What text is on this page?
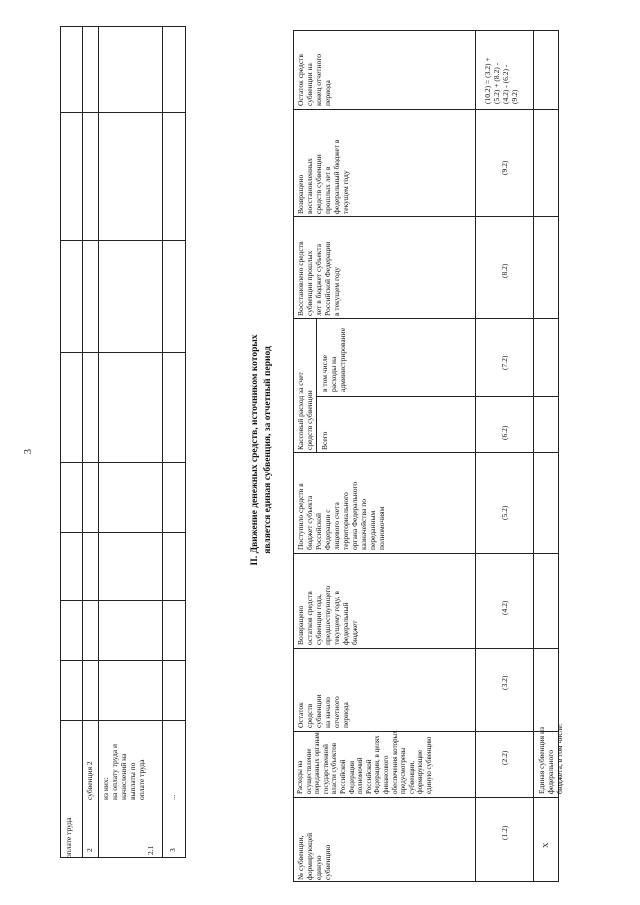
3
оплате труда 2
субвенция 2
2.1
из них:
на оплату труда и
начислений на
выплаты по
оплате труда
3
...
II. Движение денежных средств, источником которых является единая субвенция, за отчетный период
№ субвенции,
формирующей
единую
субвенцию
Расходы на
осуществление
переданных органам
государственной
власти субъектов
Российской
Федерации
полномочий
Российской
Федерации, в целях
финансового
обеспечения которых
предусмотрены
субвенции,
формирующие
единую субвенцию
Остаток
средств
субвенции
на начало
отчетного
периода
Возвращено
остатков средств
субвенции года,
предшествующего
текущему году, в
федеральный
бюджет
Поступило средств в
бюджет субъекта
Российской
Федерации с
лицевого счета
территориального
органа Федерального
казначейства по
переданным
полномочиям
Кассовый расход за счет
средств субвенции
Всего
в том числе
расходы на
администрирование
Восстановлено средств
субвенции прошлых
лет в бюджет субъекта
Российской Федерации
в текущем году
Возвращено
восстановленных
средств субвенции
прошлых лет в
федеральный бюджет в
текущем году
Остаток средств
субвенции на
конец отчетного
периода
(1.2)
(2.2)
(3.2)
(4.2)
(5.2)
(6.2)
(7.2)
(8.2)
(9.2)
(10.2) = (3.2) +
(5.2) + (8.2) -
(4.2) - (6.2) -
(9.2)
Х
Единая субвенция из
федерального
бюджета, в том числе:
